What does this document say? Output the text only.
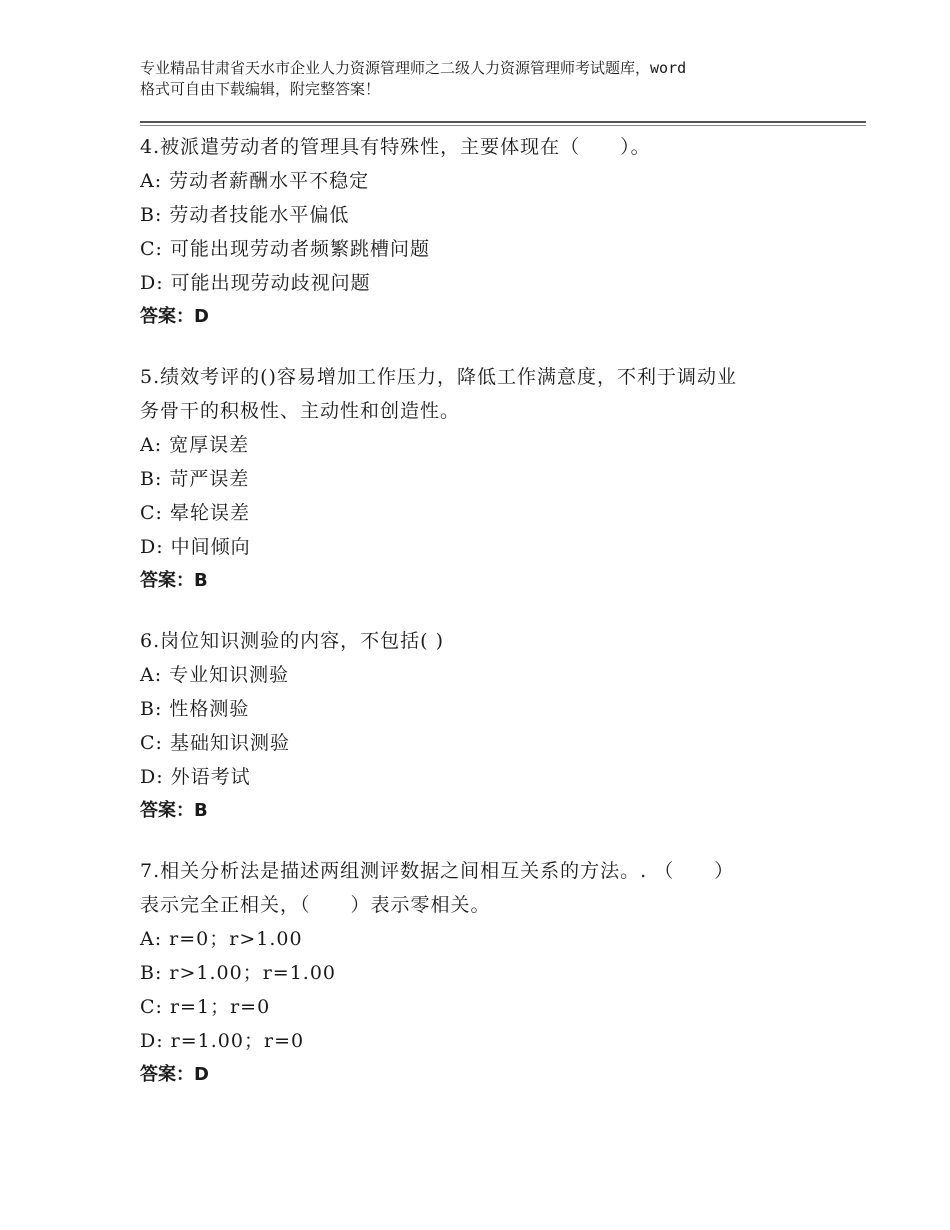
专业精品甘肃省天水市企业人力资源管理师之二级人力资源管理师考试题库，word
格式可自由下载编辑，附完整答案！
4.被派遣劳动者的管理具有特殊性，主要体现在（　　）。
A: 劳动者薪酬水平不稳定
B: 劳动者技能水平偏低
C: 可能出现劳动者频繁跳槽问题
D: 可能出现劳动歧视问题
答案：D
5.绩效考评的()容易增加工作压力，降低工作满意度，不利于调动业
务骨干的积极性、主动性和创造性。
A: 宽厚误差
B: 苛严误差
C: 晕轮误差
D: 中间倾向
答案：B
6.岗位知识测验的内容，不包括( )
A: 专业知识测验
B: 性格测验
C: 基础知识测验
D: 外语考试
答案：B
7.相关分析法是描述两组测评数据之间相互关系的方法。. （　　）
表示完全正相关，（　　）表示零相关。
A: r=0；r>1.00
B: r>1.00；r=1.00
C: r=1；r=0
D: r=1.00；r=0
答案：D
